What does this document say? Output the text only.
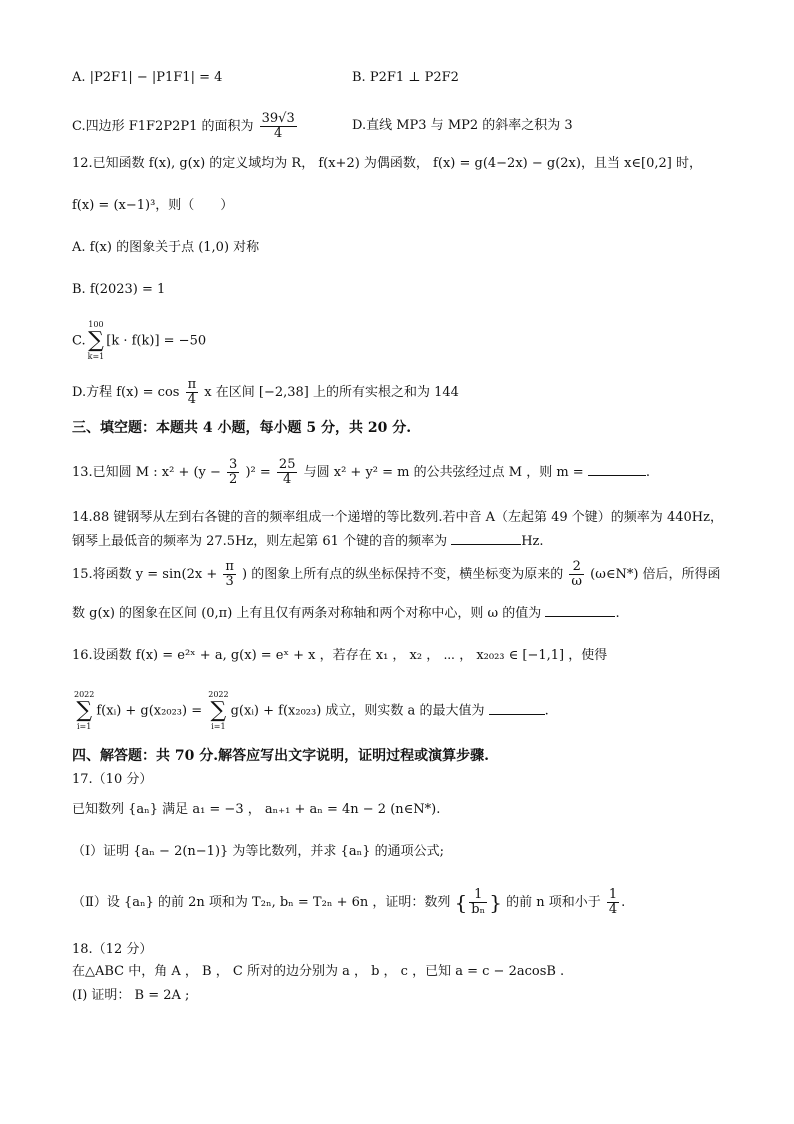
A. |P2F1| − |P1F1| = 4	B. P2F1 ⊥ P2F2
C.四边形 F1F2P2P1 的面积为 $\frac{39√3}{4}$	D.直线 MP3 与 MP2 的斜率之积为 3
12.已知函数 f(x), g(x) 的定义域均为 R， f(x+2) 为偶函数， f(x) = g(4−2x) − g(2x)，且当 x∈[0,2] 时，
f(x) = (x−1)³，则（　　）
A. f(x) 的图象关于点 (1,0) 对称
B. f(2023) = 1
C.
100
∑
k=1
[k · f(k)] = −50
D.方程 $f(x) = \cos \frac{\pi}{4}$ x 在区间 [−2,38] 上的所有实根之和为 144
三、填空题：本题共 4 小题，每小题 5 分，共 20 分.
13.已知圆 M : $x^2 + (y - \frac{3}{2} )^2 = \frac{25}{4}$ 与圆 x² + y² = m 的公共弦经过点 M ，则 m =	.
14.88 键钢琴从左到右各键的音的频率组成一个递增的等比数列.若中音 A（左起第 49 个键）的频率为 440Hz，
钢琴上最低音的频率为 27.5Hz，则左起第 61 个键的音的频率为	Hz.
15.将函数 $y = \sin(2x + \frac{\pi}{3}$ ) 的图象上所有点的纵坐标保持不变，横坐标变为原来的 $\frac{2}{\omega}$ (ω∈N*) 倍后，所得函
数 g(x) 的图象在区间 (0,π) 上有且仅有两条对称轴和两个对称中心，则 ω 的值为	.
16.设函数 f(x) = e²ˣ + a, g(x) = eˣ + x ，若存在 x₁ ， x₂ ， ⋯ ， x₂₀₂₃ ∈ [−1,1] ，使得
2022
∑
i=1
f(xᵢ) + g(x₂₀₂₃) =
2022
∑
i=1
g(xᵢ) + f(x₂₀₂₃) 成立，则实数 a 的最大值为	.
四、解答题：共 70 分.解答应写出文字说明，证明过程或演算步骤.
17.（10 分）
已知数列 {aₙ} 满足 a₁ = −3 ， aₙ₊₁ + aₙ = 4n − 2 (n∈N*).
（Ⅰ）证明 {aₙ − 2(n−1)} 为等比数列，并求 {aₙ} 的通项公式;
（Ⅱ）设 {aₙ} 的前 2n 项和为 T₂ₙ, bₙ = T₂ₙ + 6n ，证明：数列 { $\frac{1}{\text{bₙ}}$ } 的前 n 项和小于 $\frac{1}{4}$ .
18.（12 分）
在△ABC 中，角 A ， B ， C 所对的边分别为 a ， b ， c ，已知 a = c − 2acosB .
(Ⅰ) 证明： B = 2A ;
